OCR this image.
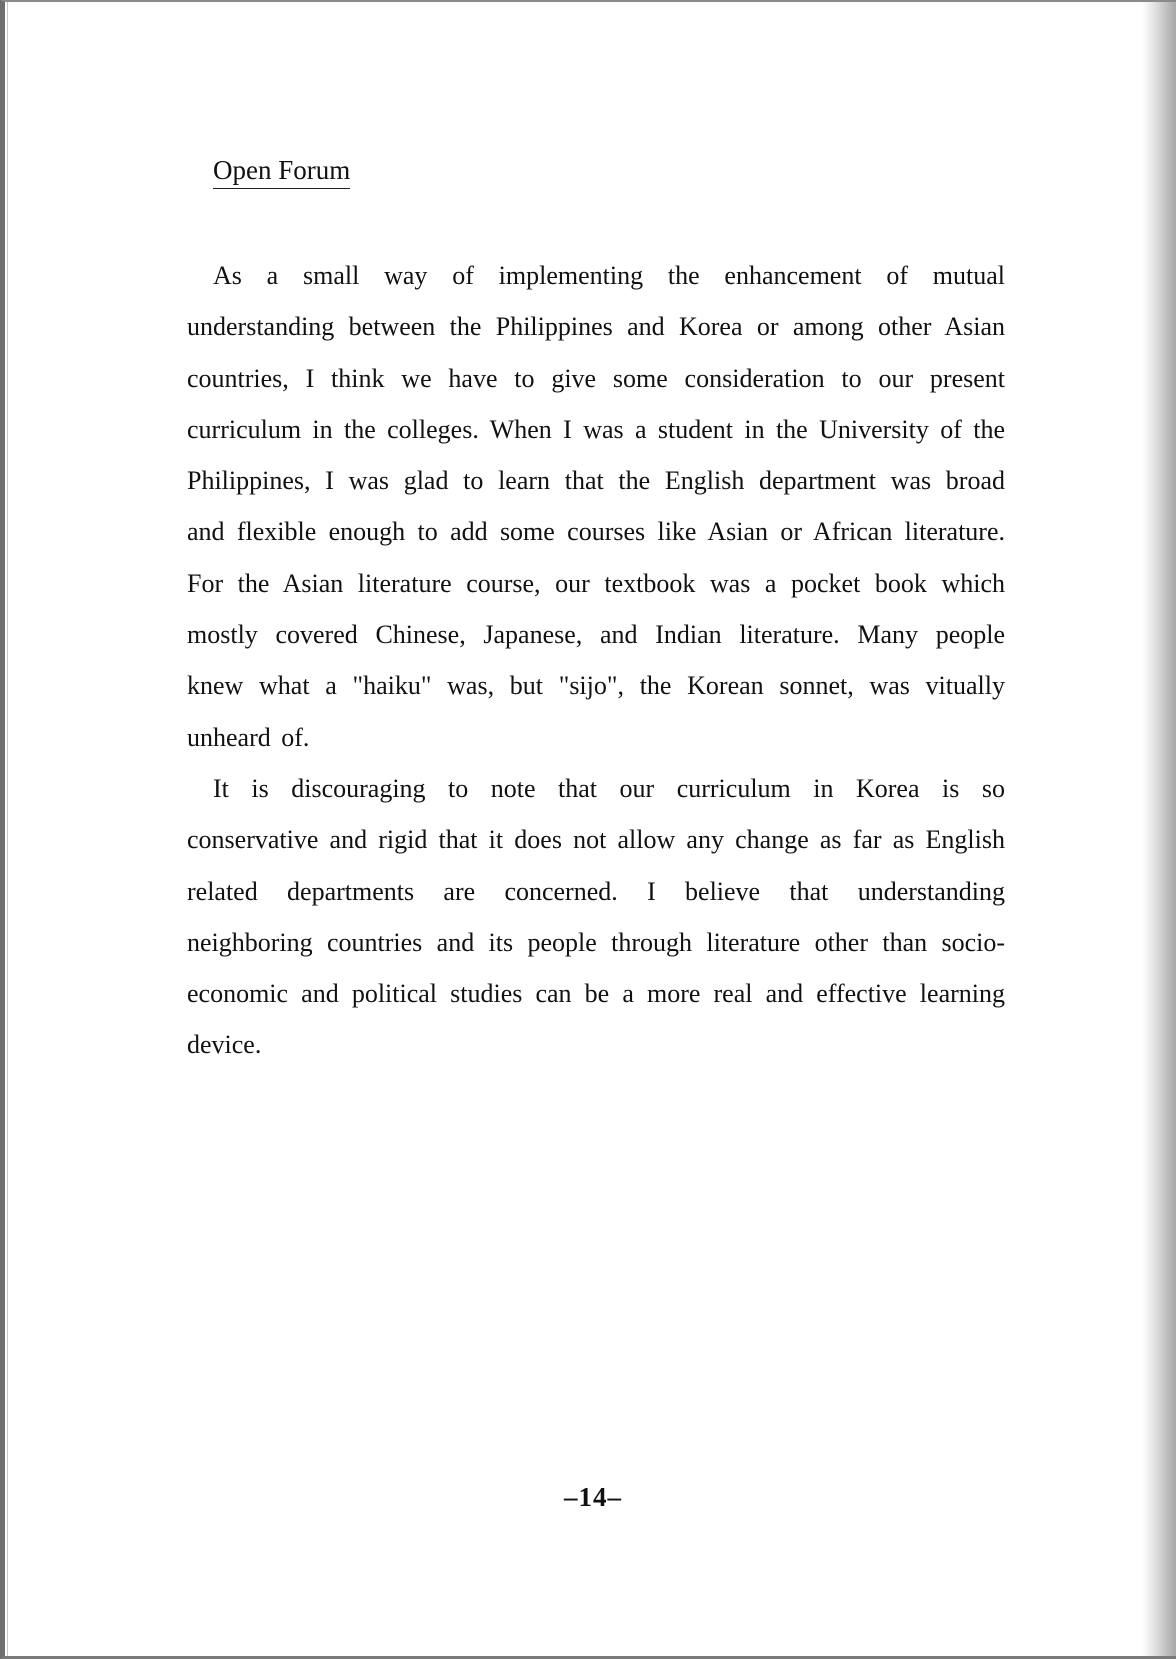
Open Forum

As a small way of implementing the enhancement of mutual understanding between the Philippines and Korea or among other Asian countries, I think we have to give some consideration to our present curriculum in the colleges. When I was a student in the University of the Philippines, I was glad to learn that the English department was broad and flexible enough to add some courses like Asian or African literature. For the Asian literature course, our textbook was a pocket book which mostly covered Chinese, Japanese, and Indian literature. Many people knew what a "haiku" was, but "sijo", the Korean sonnet, was vitually unheard of.

It is discouraging to note that our curriculum in Korea is so conservative and rigid that it does not allow any change as far as English related departments are concerned. I believe that understanding neighboring countries and its people through literature other than socio-economic and political studies can be a more real and effective learning device.

–14–
